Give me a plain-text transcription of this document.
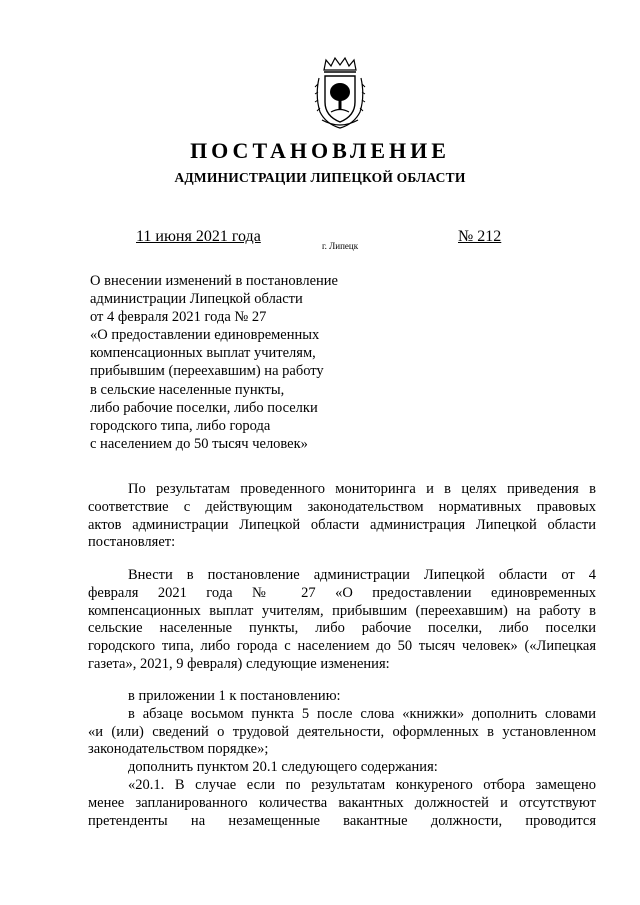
ПОСТАНОВЛЕНИЕ
АДМИНИСТРАЦИИ ЛИПЕЦКОЙ ОБЛАСТИ
11 июня 2021 года
г. Липецк
№ 212
О внесении изменений в постановление
администрации Липецкой области
от 4 февраля 2021 года № 27
«О предоставлении единовременных
компенсационных выплат учителям,
прибывшим (переехавшим) на работу
в сельские населенные пункты,
либо рабочие поселки, либо поселки
городского типа, либо города
с населением до 50 тысяч человек»
По результатам проведенного мониторинга и в целях приведения в
соответствие с действующим законодательством нормативных правовых
актов администрации Липецкой области администрация Липецкой области
постановляет:
Внести в постановление администрации Липецкой области от 4
февраля 2021 года № 27 «О предоставлении единовременных
компенсационных выплат учителям, прибывшим (переехавшим) на работу в
сельские населенные пункты, либо рабочие поселки, либо поселки
городского типа, либо города с населением до 50 тысяч человек» («Липецкая
газета», 2021, 9 февраля) следующие изменения:
в приложении 1 к постановлению:
в абзаце восьмом пункта 5 после слова «книжки» дополнить словами
«и (или) сведений о трудовой деятельности, оформленных в установленном
законодательством порядке»;
дополнить пунктом 20.1 следующего содержания:
«20.1. В случае если по результатам конкуреного отбора замещено
менее запланированного количества вакантных должностей и отсутствуют
претенденты на незамещенные вакантные должности, проводится
